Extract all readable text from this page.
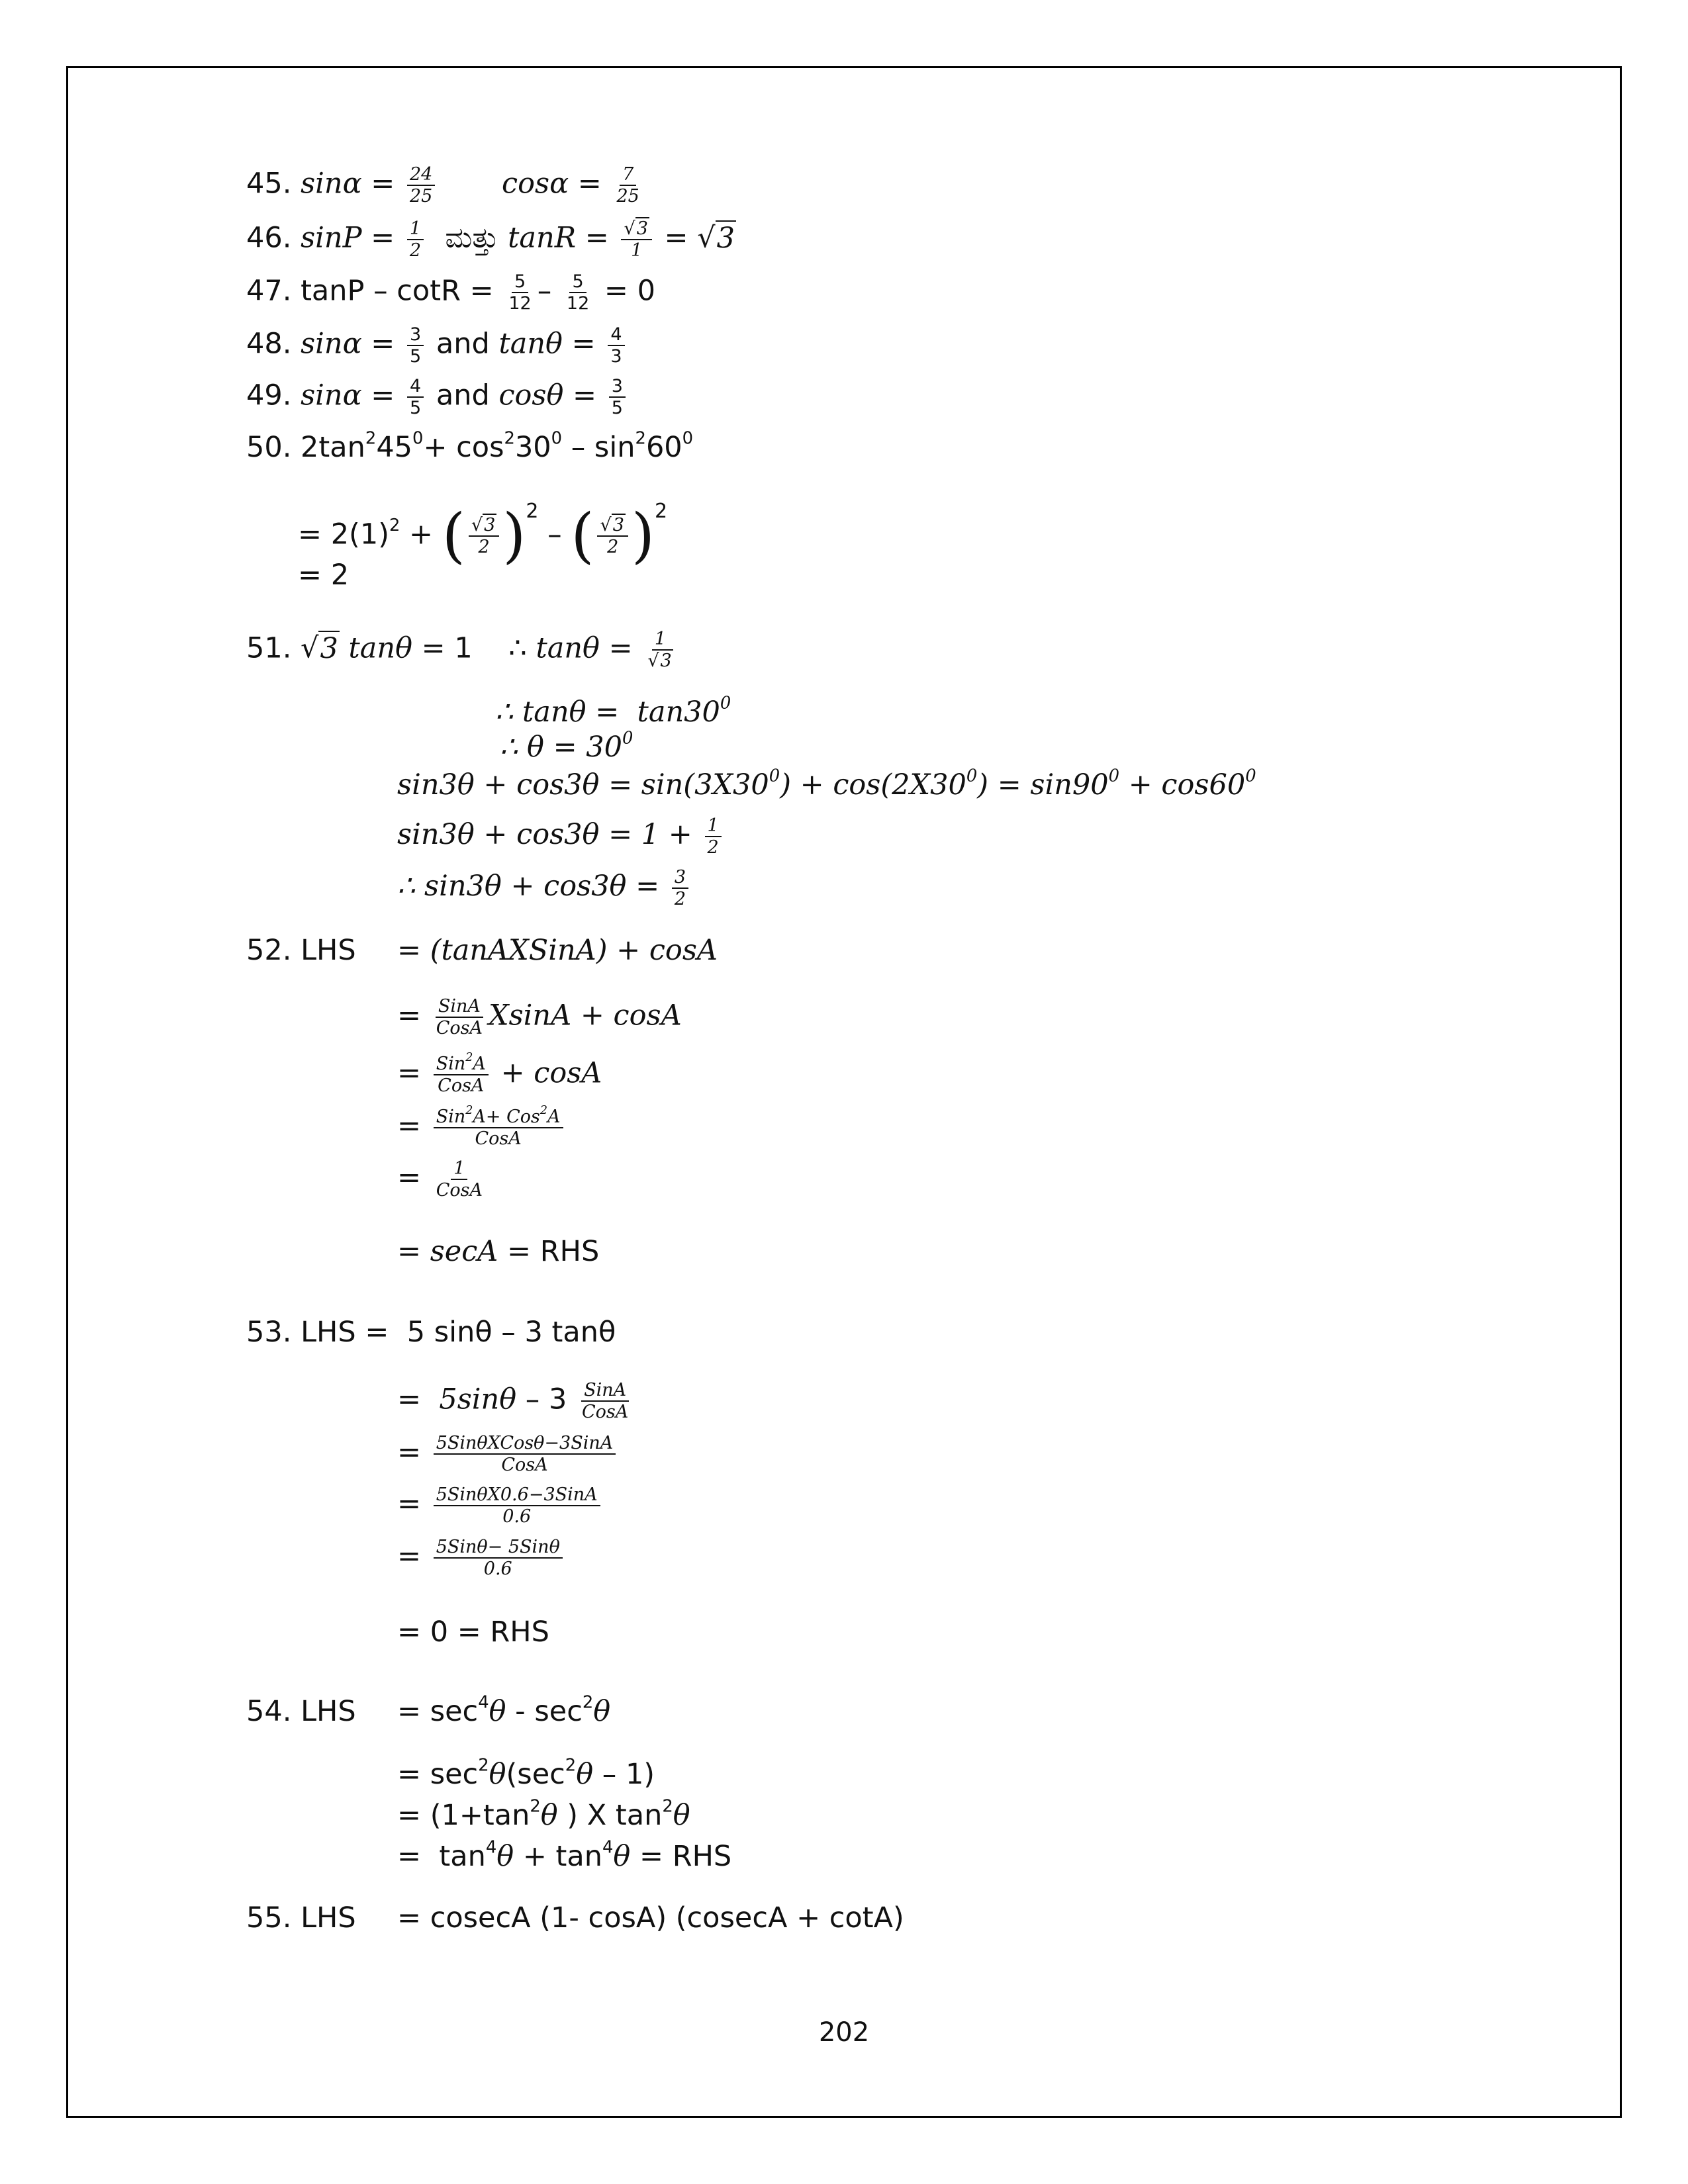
45. $\sin\alpha = \frac{24}{25}$ $\cos\alpha = \frac{7}{25}$
46. $\sin P = \frac{1}{2}$ ಮತ್ತು $\tan R = \frac{√3}{1} = √3$
47. $\tan P - \cot R = \frac{5}{12} - \frac{5}{12} = 0$
48. $\sin\alpha = \frac{3}{5}$ and $\tan\theta = \frac{4}{3}$
49. $\sin\alpha = \frac{4}{5}$ and $\cos\theta = \frac{3}{5}$
50. $2\tan^245^0+ \cos^230^0 - \sin^260^0$
= $2(1)^2$ + ( $\frac{√3}{2} )^2$ – ( $\frac{√3}{2} )^2$
= 2
51. √3 tanθ = 1    ∴ $\tan\theta = \frac{1}{√3}$
∴ $\tan\theta = \tan 30^0$
∴ $\theta = 30^0$
$\sin 3\theta + \cos 3\theta = \sin(3X30^0) + \cos(2X30^0) = \sin 90^0 + \cos 60^0$
$\sin 3\theta + \cos 3\theta = 1 + \frac{1}{2}$
∴ $\sin 3\theta + \cos 3\theta = \frac{3}{2}$
52. LHS = (tanAXSinA) + cosA
= SinA
CosA XsinA + cosA
= Sin$^2$A
CosA + cosA
= Sin$^2$A+ Cos$^2$A
CosA
= 1
CosA
= secA = RHS
53. LHS =  5 sinθ – 3 tanθ
=  5sinθ – 3 SinA
CosA
= 5SinθXCosθ−3SinA
CosA
= 5SinθX0.6−3SinA
0.6
= 5Sinθ− 5Sinθ
0.6
= 0 = RHS
54. LHS = $\sec^4\theta - \sec^2\theta$
= $\sec^2\theta(\sec^2\theta - 1)$
= ($1+\tan^2\theta$ ) X $\tan^2\theta$
=  $\tan^4\theta + \tan^4\theta$ = RHS
55. LHS = cosecA (1- cosA) (cosecA + cotA)
202
